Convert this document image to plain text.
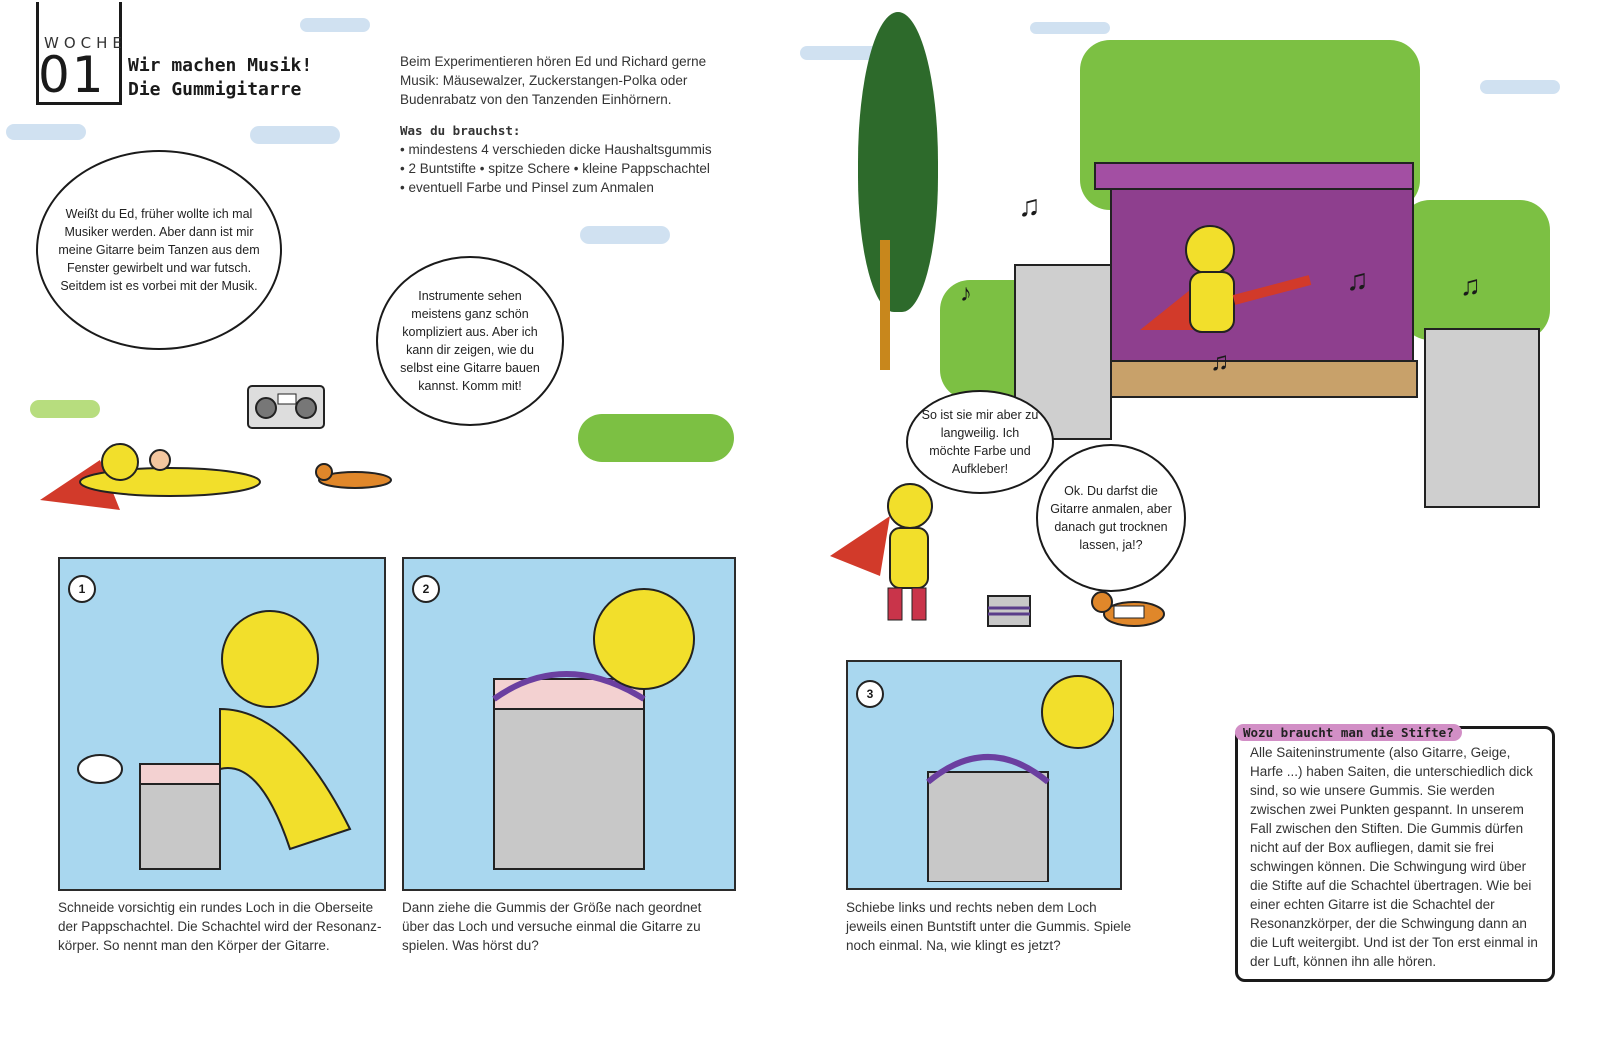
WOCHE
01 Wir machen Musik!
Die Gummigitarre
Beim Experimentieren hören Ed und Richard gerne Musik: Mäusewalzer, Zuckerstangen-Polka oder Budenrabatz von den Tanzenden Einhörnern.
Was du brauchst:
• mindestens 4 verschieden dicke Haushaltsgummis
• 2 Buntstifte • spitze Schere • kleine Pappschachtel
• eventuell Farbe und Pinsel zum Anmalen
Weißt du Ed, früher wollte ich mal Musiker werden. Aber dann ist mir meine Gitarre beim Tanzen aus dem Fenster gewirbelt und war futsch. Seitdem ist es vorbei mit der Musik.
Instrumente sehen meistens ganz schön kompliziert aus. Aber ich kann dir zeigen, wie du selbst eine Gitarre bauen kannst. Komm mit!
♫
♪	♫	♫
♫
So ist sie mir aber zu langweilig. Ich möchte Farbe und Aufkleber!
Ok. Du darfst die Gitarre anmalen, aber danach gut trocknen lassen, ja!?
1	2
3
Schneide vorsichtig ein rundes Loch in die Oberseite der Pappschachtel. Die Schachtel wird der Resonanzkörper. So nennt man den Körper der Gitarre.
Dann ziehe die Gummis der Größe nach geordnet über das Loch und versuche einmal die Gitarre zu spielen. Was hörst du?
Schiebe links und rechts neben dem Loch jeweils einen Buntstift unter die Gummis. Spiele noch einmal. Na, wie klingt es jetzt?
Alle Saiteninstrumente (also Gitarre, Geige, Harfe ...) haben Saiten, die unterschiedlich dick sind, so wie unsere Gummis. Sie werden zwischen zwei Punkten gespannt. In unserem Fall zwischen den Stiften. Die Gummis dürfen nicht auf der Box aufliegen, damit sie frei schwingen können. Die Schwingung wird über die Stifte auf die Schachtel übertragen. Wie bei einer echten Gitarre ist die Schachtel der Resonanzkörper, der die Schwingung dann an die Luft weitergibt. Und ist der Ton erst einmal in der Luft, können ihn alle hören.
Wozu braucht man die Stifte?
